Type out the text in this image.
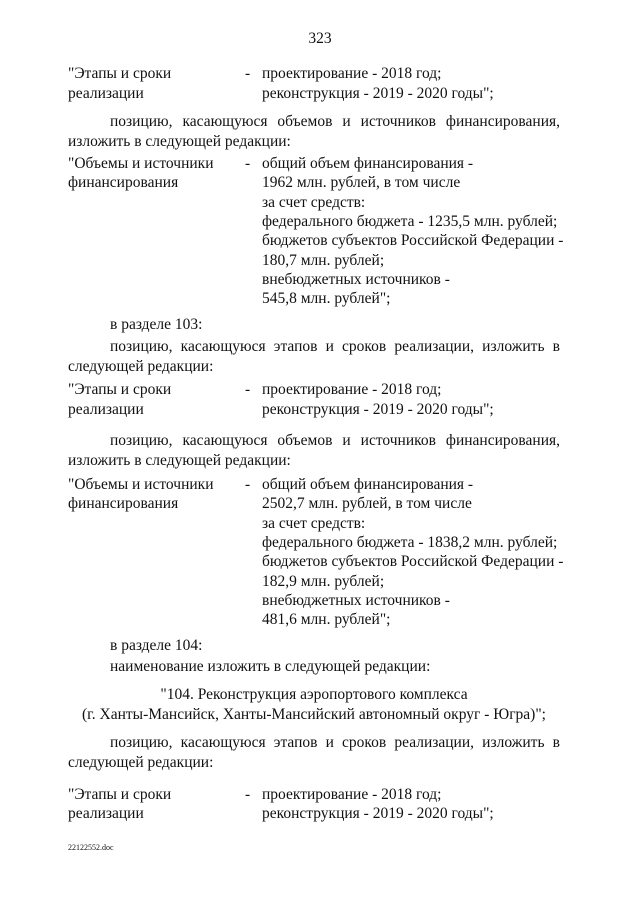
323
"Этапы и сроки
реализации
- проектирование - 2018 год;
реконструкция - 2019 - 2020 годы";
позицию, касающуюся объемов и источников финансирования,
изложить в следующей редакции:
"Объемы и источники
финансирования
- общий объем финансирования -
1962 млн. рублей, в том числе
за счет средств:
федерального бюджета - 1235,5 млн. рублей;
бюджетов субъектов Российской Федерации -
180,7 млн. рублей;
внебюджетных источников -
545,8 млн. рублей";
в разделе 103:
позицию, касающуюся этапов и сроков реализации, изложить в
следующей редакции:
"Этапы и сроки
реализации
- проектирование - 2018 год;
реконструкция - 2019 - 2020 годы";
позицию, касающуюся объемов и источников финансирования,
изложить в следующей редакции:
"Объемы и источники
финансирования
- общий объем финансирования -
2502,7 млн. рублей, в том числе
за счет средств:
федерального бюджета - 1838,2 млн. рублей;
бюджетов субъектов Российской Федерации -
182,9 млн. рублей;
внебюджетных источников -
481,6 млн. рублей";
в разделе 104:
наименование изложить в следующей редакции:
"104. Реконструкция аэропортового комплекса
(г. Ханты-Мансийск, Ханты-Мансийский автономный округ - Югра)";
позицию, касающуюся этапов и сроков реализации, изложить в
следующей редакции:
"Этапы и сроки
реализации
- проектирование - 2018 год;
реконструкция - 2019 - 2020 годы";
22122552.doc
